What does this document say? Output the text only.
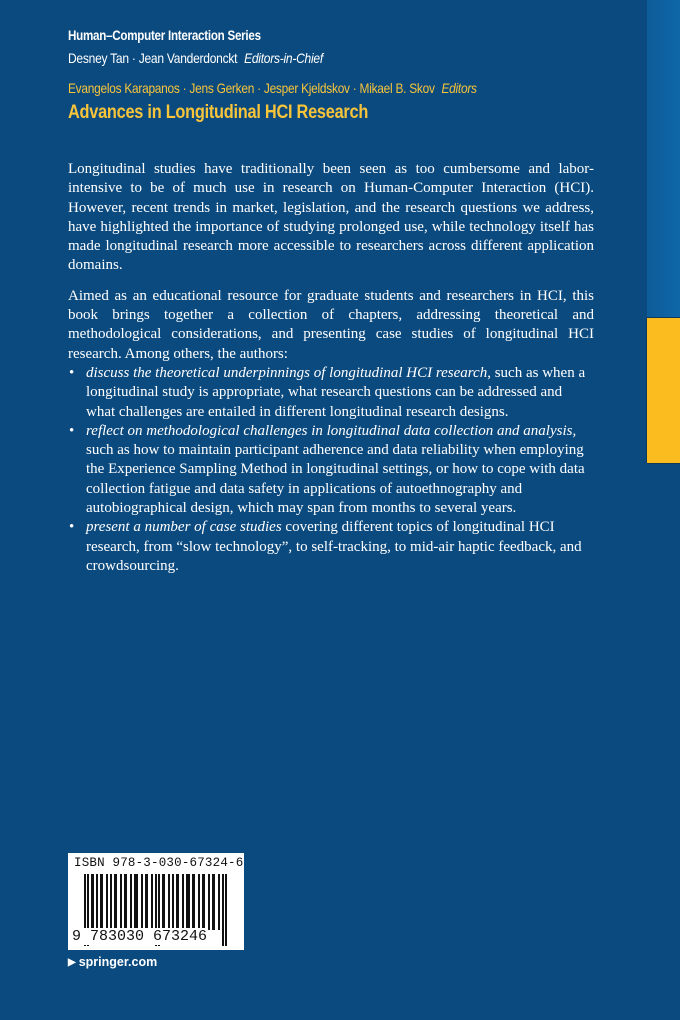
Human–Computer Interaction Series
Desney Tan · Jean Vanderdonckt Editors-in-Chief
Evangelos Karapanos · Jens Gerken · Jesper Kjeldskov · Mikael B. Skov Editors
Advances in Longitudinal HCI Research

Longitudinal studies have traditionally been seen as too cumbersome and labor-intensive to be of much use in research on Human-Computer Interaction (HCI). However, recent trends in market, legislation, and the research questions we address, have highlighted the importance of studying prolonged use, while technology itself has made longitudinal research more accessible to researchers across different application domains.

Aimed as an educational resource for graduate students and researchers in HCI, this book brings together a collection of chapters, addressing theoretical and methodological considerations, and presenting case studies of longitudinal HCI research. Among others, the authors:

• discuss the theoretical underpinnings of longitudinal HCI research, such as when a longitudinal study is appropriate, what research questions can be addressed and what challenges are entailed in different longitudinal research designs.
• reflect on methodological challenges in longitudinal data collection and analysis, such as how to maintain participant adherence and data reliability when employing the Experience Sampling Method in longitudinal settings, or how to cope with data collection fatigue and data safety in applications of autoethnography and autobiographical design, which may span from months to several years.
• present a number of case studies covering different topics of longitudinal HCI research, from “slow technology”, to self-tracking, to mid-air haptic feedback, and crowdsourcing.
ISBN 978-3-030-67324-6
9 783030 673246
▶ springer.com
